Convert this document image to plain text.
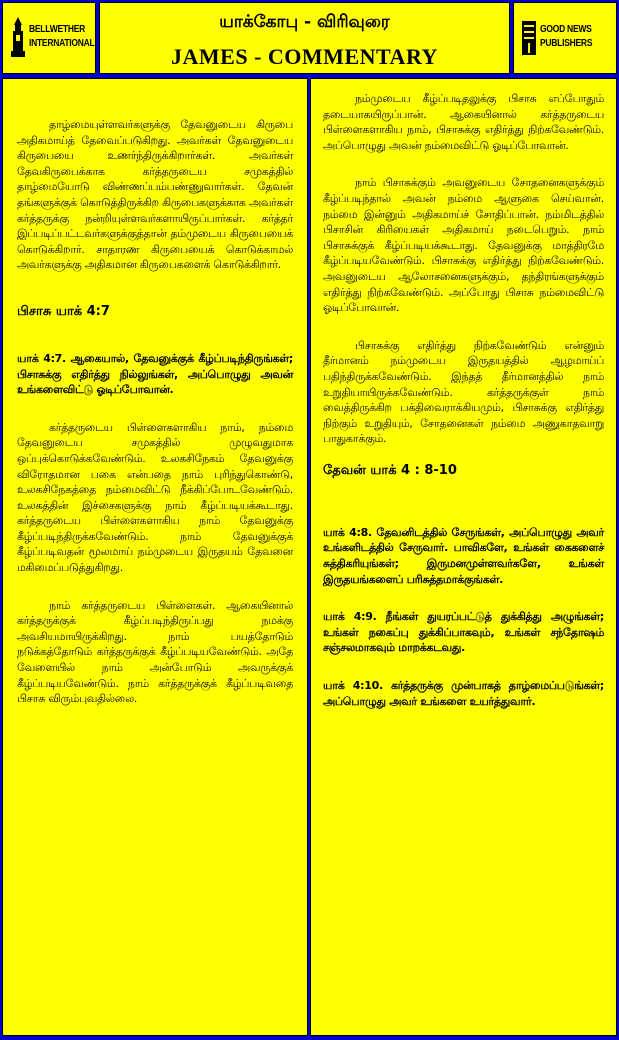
BELLWETHER
INTERNATIONAL
யாக்கோபு - விரிவுரை
JAMES - COMMENTARY
GOOD NEWS
PUBLISHERS

தாழ்மையுள்ளவர்களுக்கு தேவனுடைய கிருபை அதிகமாய்த் தேவைப்படுகிறது. அவர்கள் தேவனுடைய கிருபையை உணர்ந்திருக்கிறார்கள். அவர்கள் தேவகிருபைக்காக கர்த்தருடைய சமுகத்தில் தாழ்மையோடு விண்ணப்பம்பண்ணுவார்கள். தேவன் தங்களுக்குக் கொடுத்திருக்கிற கிருபைகளுக்காக அவர்கள் கர்த்தருக்கு நன்றியுள்ளவர்களாயிருப்பார்கள். கர்த்தர் இப்படிப்பட்டவர்களுக்குத்தான் தம்முடைய கிருபையைக் கொடுக்கிறார். சாதாரண கிருபையைக் கொடுக்காமல் அவர்களுக்கு அதிகமான கிருபைகளைக் கொடுக்கிறார்.

பிசாசு யாக் 4:7

யாக் 4:7. ஆகையால், தேவனுக்குக் கீழ்ப்படிந்திருங்கள்; பிசாசுக்கு எதிர்த்து நில்லுங்கள், அப்பொழுது அவன் உங்களைவிட்டு ஓடிப்போவான்.

கர்த்தருடைய பிள்ளைகளாகிய நாம், நம்மை தேவனுடைய சமுகத்தில் முழுவதுமாக ஒப்புக்கொடுக்கவேண்டும். உலகசிநேகம் தேவனுக்கு விரோதமான பகை என்பதை நாம் புரிந்துகொண்டு, உலகசிநேகத்தை நம்மைவிட்டு நீக்கிப்போடவேண்டும். உலகத்தின் இச்சைகளுக்கு நாம் கீழ்ப்படியக்கூடாது. கர்த்தருடைய பிள்ளைகளாகிய நாம் தேவனுக்கு கீழ்ப்படிந்திருக்கவேண்டும். நாம் தேவனுக்குக் கீழ்ப்படிவதன் மூலமாய் நம்முடைய இருதயம் தேவனை மகிமைப்படுத்துகிறது.

நாம் கர்த்தருடைய பிள்ளைகள். ஆகையினால் கர்த்தருக்குக் கீழ்ப்படிந்திருப்பது நமக்கு அவசியமாயிருக்கிறது. நாம் பயத்தோடும் நடுக்கத்தோடும் கர்த்தருக்குக் கீழ்ப்படியவேண்டும். அதே வேளையில் நாம் அன்போடும் அவருக்குக் கீழ்ப்படியவேண்டும். நாம் கர்த்தருக்குக் கீழ்ப்படிவதை பிசாசு விரும்புவதில்லை.

நம்முடைய கீழ்ப்படிதலுக்கு பிசாசு எப்போதும் தடையாகயிருப்பான். ஆகையினால் கர்த்தருடைய பிள்ளைகளாகிய நாம், பிசாசுக்கு எதிர்த்து நிற்கவேண்டும். அப்பொழுது அவன் நம்மைவிட்டு ஓடிப்போவான்.

நாம் பிசாசுக்கும் அவனுடைய சோதனைகளுக்கும் கீழ்ப்படிந்தால் அவன் நம்மை ஆளுகை செய்வான். நம்மை இன்னும் அதிகமாய்ச் சோதிப்பான். நம்மிடத்தில் பிசாசின் கிரியைகள் அதிகமாய் நடைபெறும். நாம் பிசாசுக்குக் கீழ்ப்படியக்கூடாது. தேவனுக்கு மாத்திரமே கீழ்ப்படியவேண்டும். பிசாசுக்கு எதிர்த்து நிற்கவேண்டும். அவனுடைய ஆலோசனைகளுக்கும், தந்திரங்களுக்கும் எதிர்த்து நிற்கவேண்டும். அப்போது பிசாசு நம்மைவிட்டு ஓடிப்போவான்.

பிசாசுக்கு எதிர்த்து நிற்கவேண்டும் என்னும் தீர்மானம் நம்முடைய இருதயத்தில் ஆழமாய்ப் பதிந்திருக்கவேண்டும். இந்தத் தீர்மானத்தில் நாம் உறுதியாயிருக்கவேண்டும். கர்த்தருக்குள் நாம் வைத்திருக்கிற பக்திவைராக்கியமும், பிசாசுக்கு எதிர்த்து நிற்கும் உறுதியும், சோதனைகள் நம்மை அணுகாதவாறு பாதுகாக்கும்.

தேவன் யாக் 4 : 8-10

யாக் 4:8. தேவனிடத்தில் சேருங்கள், அப்பொழுது அவர் உங்களிடத்தில் சேருவார். பாவிகளே, உங்கள் கைகளைச் சுத்திகரியுங்கள்; இருமனமுள்ளவர்களே, உங்கள் இருதயங்களைப் பரிசுத்தமாக்குங்கள்.

யாக் 4:9. நீங்கள் துயரப்பட்டுத் துக்கித்து அழுங்கள்; உங்கள் நகைப்பு துக்கிப்பாகவும், உங்கள் சந்தோஷம் சஞ்சலமாகவும் மாறக்கடவது.

யாக் 4:10. கர்த்தருக்கு முன்பாகத் தாழ்மைப்படுங்கள்; அப்பொழுது அவர் உங்களை உயர்த்துவார்.
